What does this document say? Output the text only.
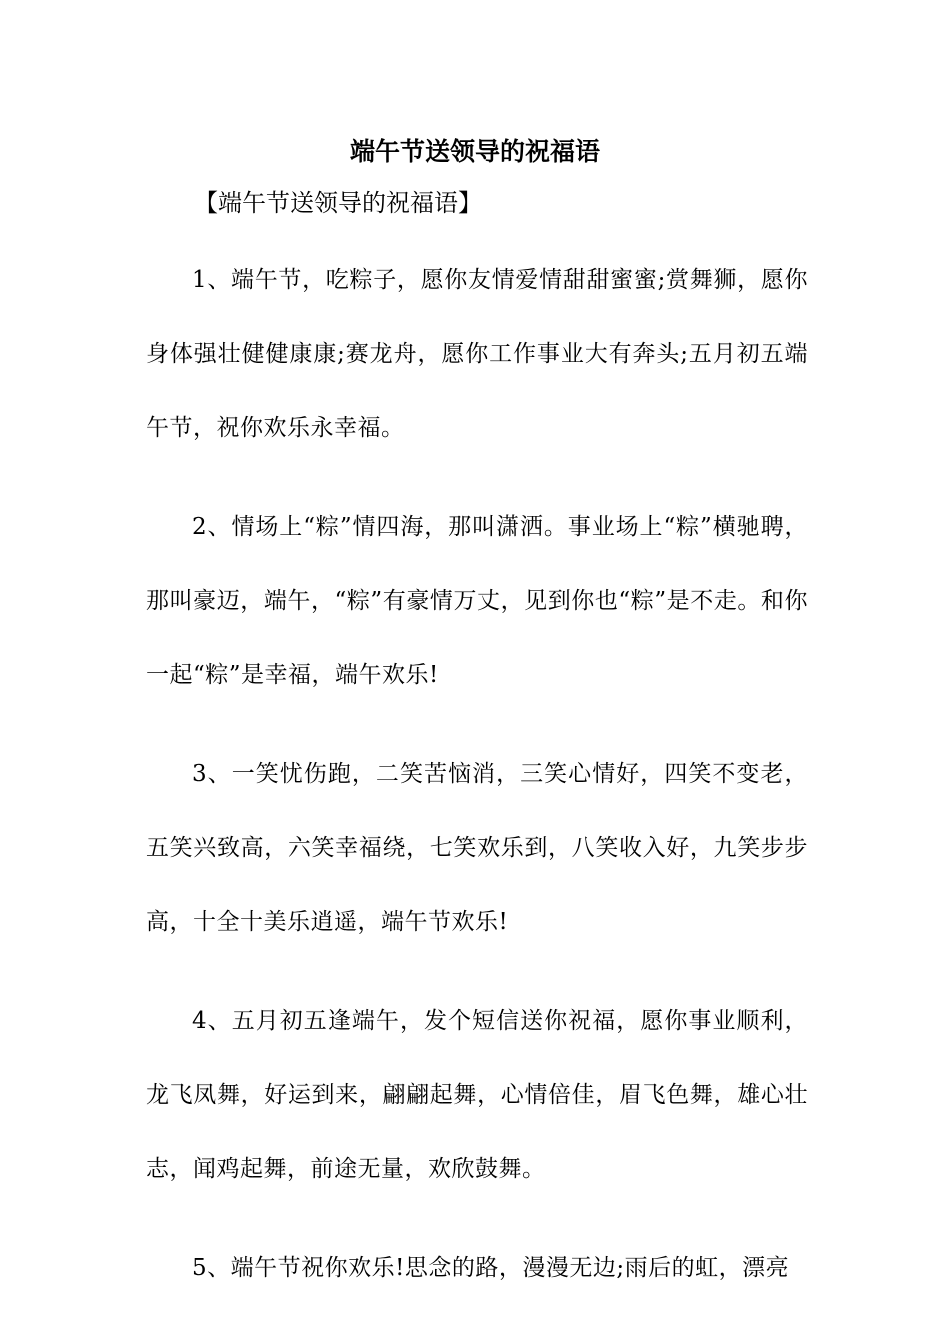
端午节送领导的祝福语

【端午节送领导的祝福语】

1、端午节，吃粽子，愿你友情爱情甜甜蜜蜜;赏舞狮，愿你身体强壮健健康康;赛龙舟，愿你工作事业大有奔头;五月初五端午节，祝你欢乐永幸福。

2、情场上“粽”情四海，那叫潇洒。事业场上“粽”横驰聘，那叫豪迈，端午，“粽”有豪情万丈，见到你也“粽”是不走。和你一起“粽”是幸福，端午欢乐!

3、一笑忧伤跑，二笑苦恼消，三笑心情好，四笑不变老，五笑兴致高，六笑幸福绕，七笑欢乐到，八笑收入好，九笑步步高，十全十美乐逍遥，端午节欢乐!

4、五月初五逢端午，发个短信送你祝福，愿你事业顺利，龙飞凤舞，好运到来，翩翩起舞，心情倍佳，眉飞色舞，雄心壮志，闻鸡起舞，前途无量，欢欣鼓舞。

5、端午节祝你欢乐!思念的路，漫漫无边;雨后的虹，漂亮
